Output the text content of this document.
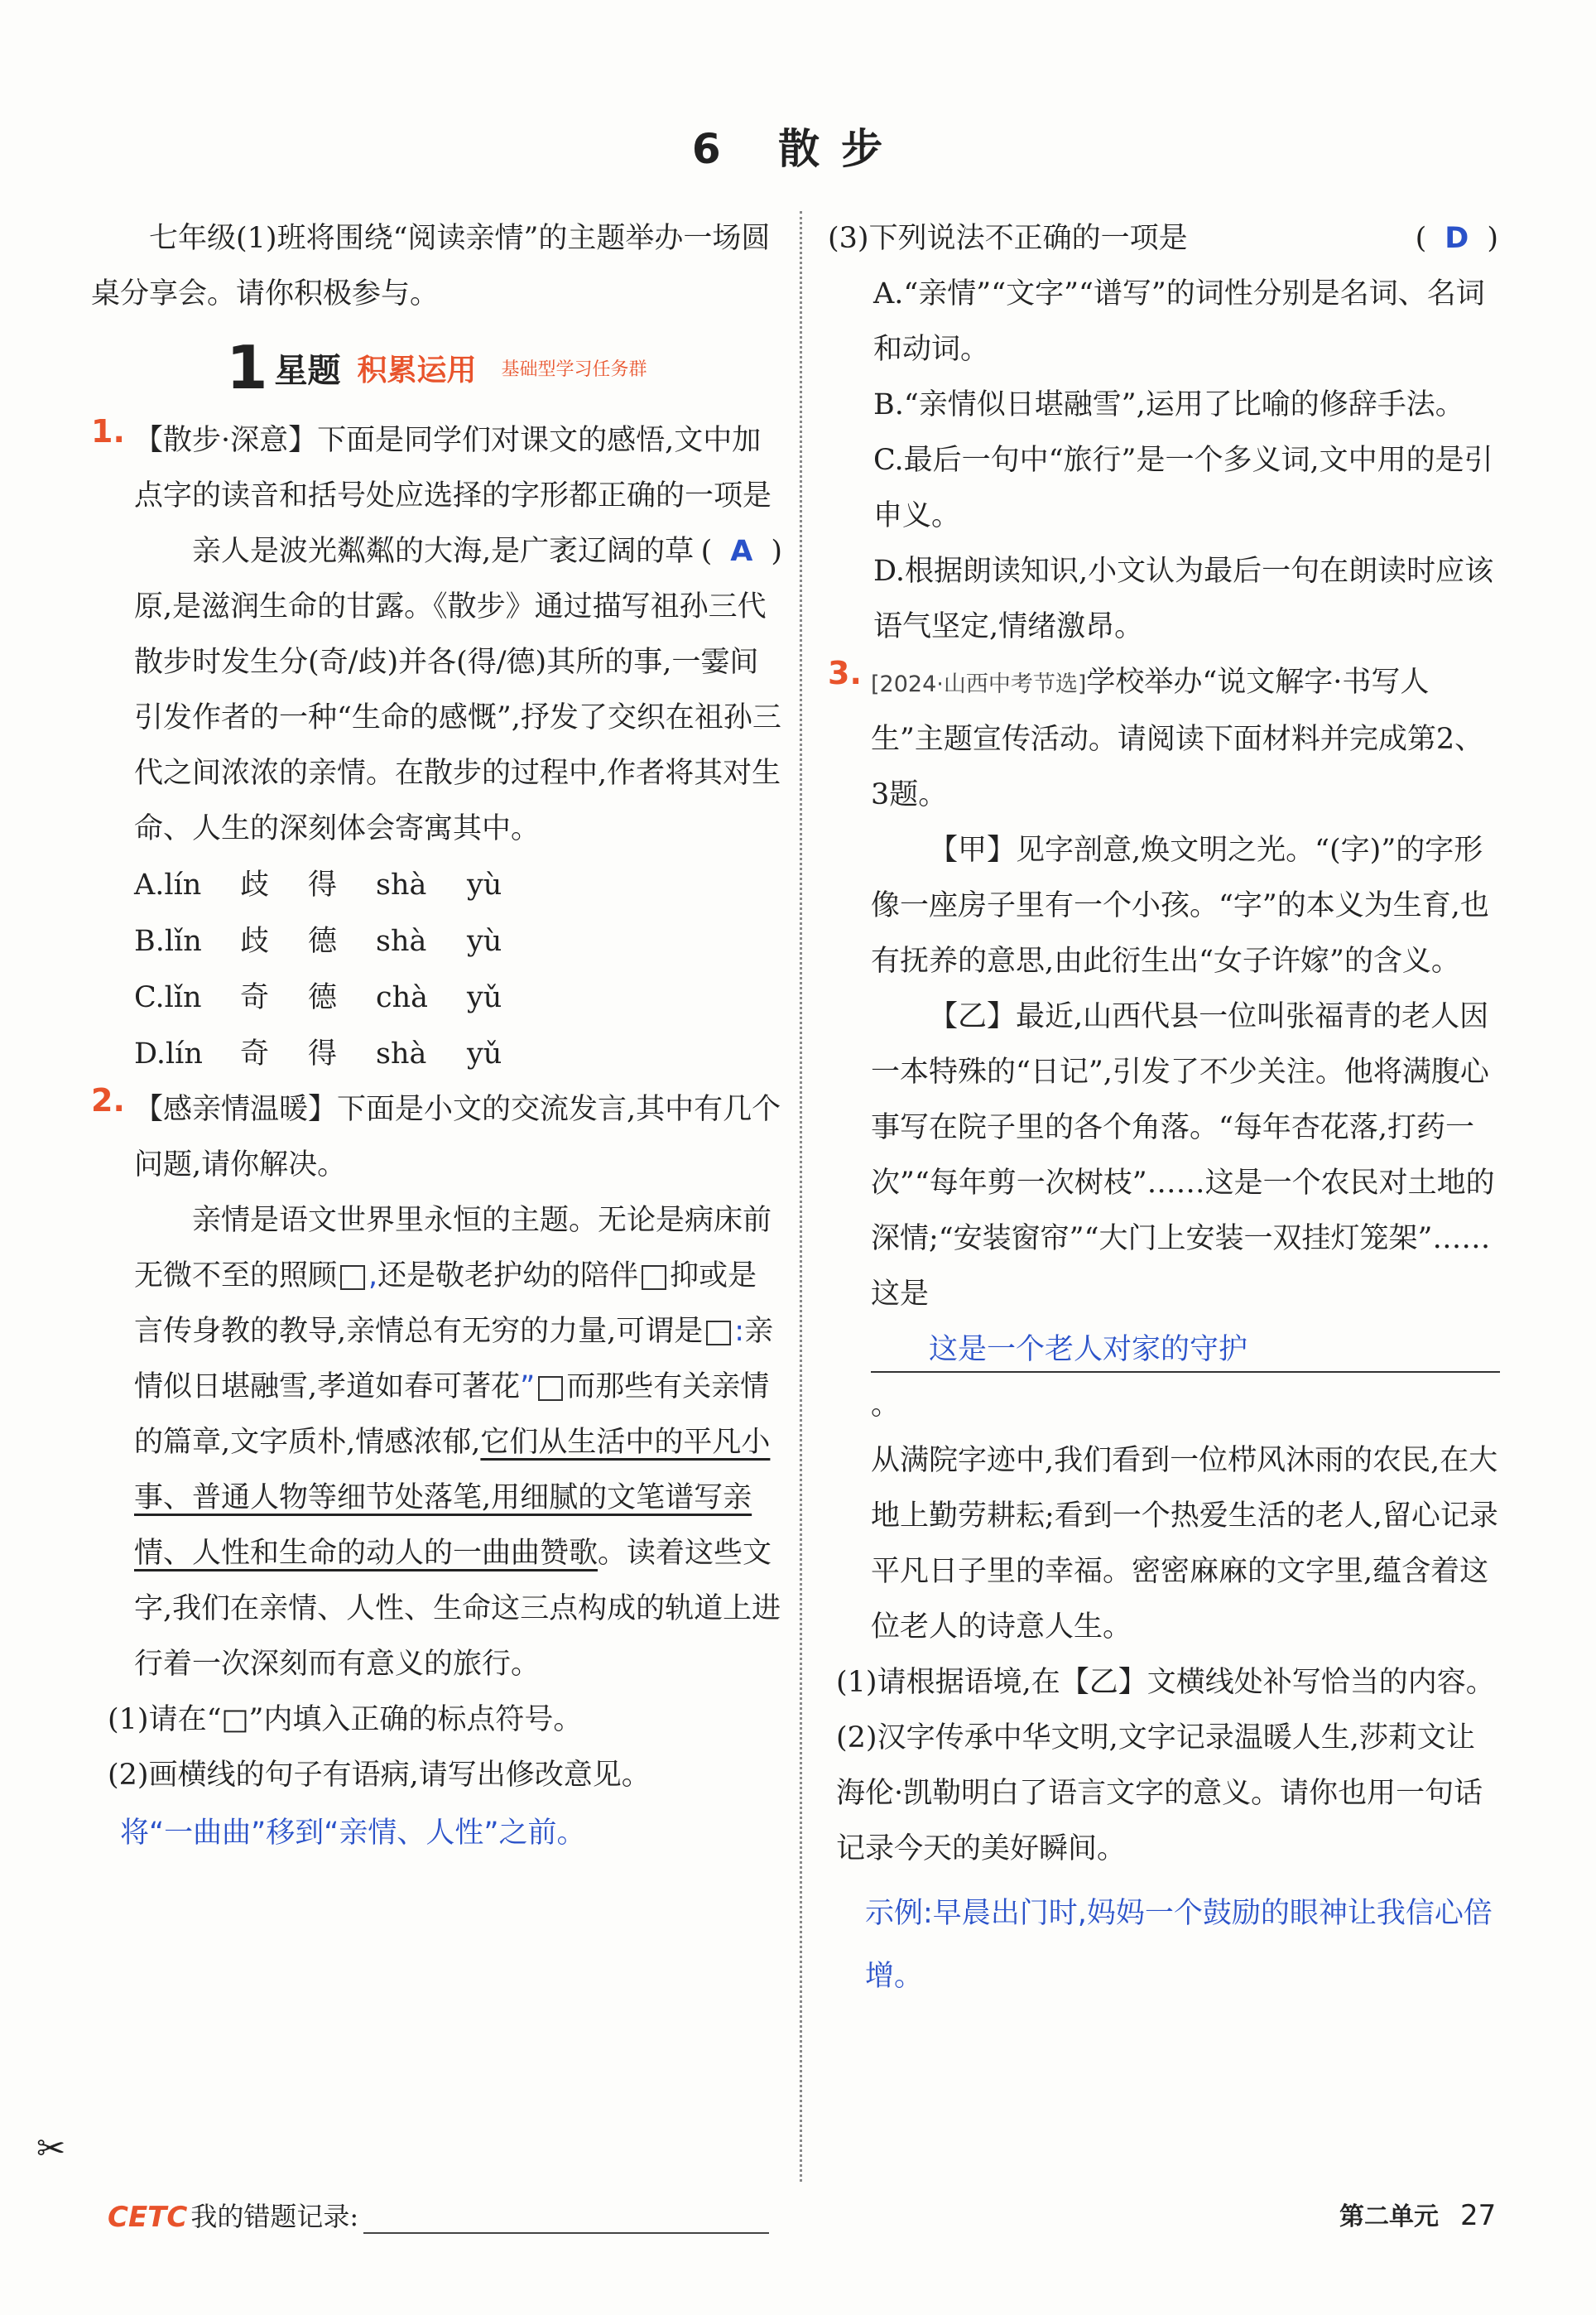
6 散步

七年级(1)班将围绕“阅读亲情”的主题举办一场圆桌分享会。请你积极参与。

1 星题 积累运用 基础型学习任务群
1. 【散步·深意】下面是同学们对课文的感悟,文中加点字的读音和括号处应选择的字形都正确的一项是
( A )

亲人是波光粼粼的大海,是广袤辽阔的草原,是滋润生命的甘露。《散步》通过描写祖孙三代散步时发生分(奇/歧)并各(得/德)其所的事,一霎间引发作者的一种“生命的感慨”,抒发了交织在祖孙三代之间浓浓的亲情。在散步的过程中,作者将其对生命、人生的深刻体会寄寓其中。

A.lín	歧	得	shà	yù
B.lǐn	歧	德	shà	yù
C.lǐn	奇	德	chà	yǔ
D.lín	奇	得	shà	yǔ
2. 【感亲情温暖】下面是小文的交流发言,其中有几个问题,请你解决。

亲情是语文世界里永恒的主题。无论是病床前无微不至的照顾 ,还是敬老护幼的陪伴 抑或是言传身教的教导,亲情总有无穷的力量,可谓是 :亲情似日堪融雪,孝道如春可著花” 而那些有关亲情的篇章,文字质朴,情感浓郁,它们从生活中的平凡小事、普通人物等细节处落笔,用细腻的文笔谱写亲情、人性和生命的动人的一曲曲赞歌。读着这些文字,我们在亲情、人性、生命这三点构成的轨道上进行着一次深刻而有意义的旅行。

(1)请在“□”内填入正确的标点符号。

(2)画横线的句子有语病,请写出修改意见。

将“一曲曲”移到“亲情、人性”之前。

(3)下列说法不正确的一项是	( D )

A.“亲情”“文字”“谱写”的词性分别是名词、名词和动词。

B.“亲情似日堪融雪”,运用了比喻的修辞手法。

C.最后一句中“旅行”是一个多义词,文中用的是引申义。

D.根据朗读知识,小文认为最后一句在朗读时应该语气坚定,情绪激昂。

3. [2024·山西中考节选]学校举办“说文解字·书写人生”主题宣传活动。请阅读下面材料并完成第2、3题。

【甲】见字剖意,焕文明之光。“(字)”的字形像一座房子里有一个小孩。“字”的本义为生育,也有抚养的意思,由此衍生出“女子许嫁”的含义。

【乙】最近,山西代县一位叫张福青的老人因一本特殊的“日记”,引发了不少关注。他将满腹心事写在院子里的各个角落。“每年杏花落,打药一次”“每年剪一次树枝”……这是一个农民对土地的深情;“安装窗帘”“大门上安装一双挂灯笼架”……这是
这是一个老人对家的守护。
从满院字迹中,我们看到一位栉风沐雨的农民,在大地上勤劳耕耘;看到一个热爱生活的老人,留心记录平凡日子里的幸福。密密麻麻的文字里,蕴含着这位老人的诗意人生。

(1)请根据语境,在【乙】文横线处补写恰当的内容。

(2)汉字传承中华文明,文字记录温暖人生,莎莉文让海伦·凯勒明白了语言文字的意义。请你也用一句话记录今天的美好瞬间。

示例:早晨出门时,妈妈一个鼓励的眼神让我信心倍增。

✂
CETC 我的错题记录:	第二单元 27
